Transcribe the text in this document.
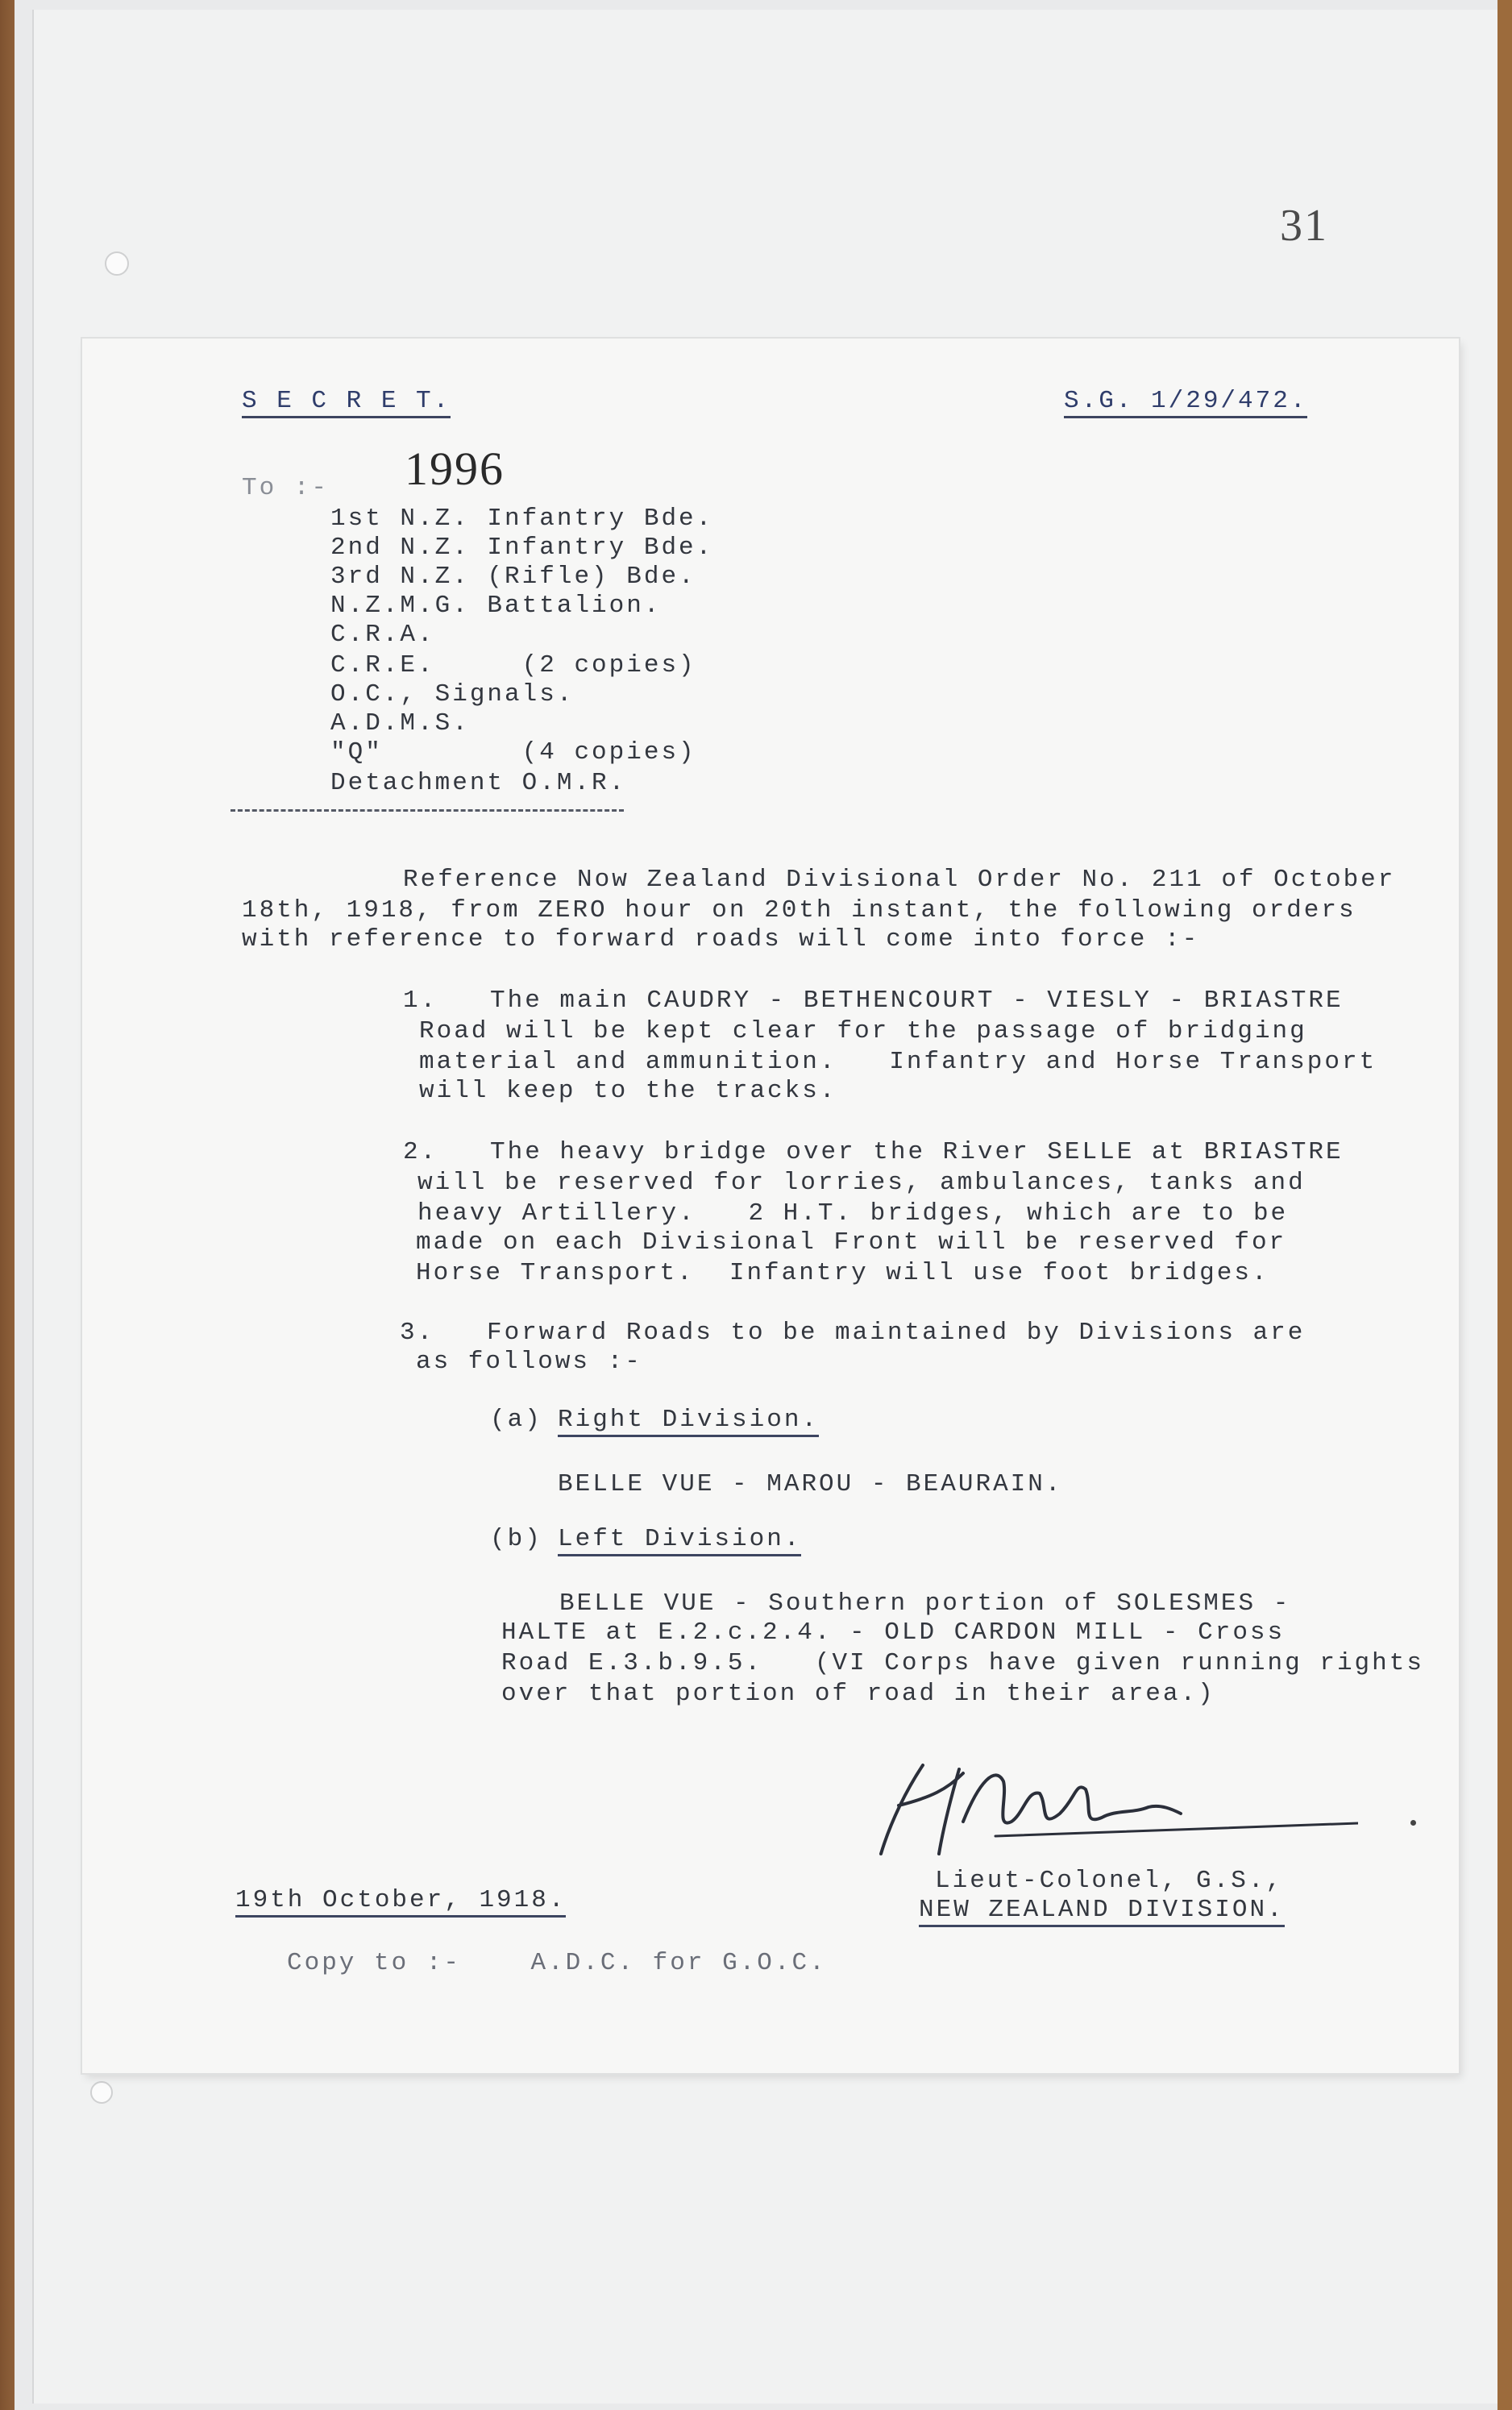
31

S E C R E T.	S.G. 1/29/472.

1996

To :-

1st N.Z. Infantry Bde.

2nd N.Z. Infantry Bde.

3rd N.Z. (Rifle) Bde.

N.Z.M.G. Battalion.

C.R.A.

C.R.E.     (2 copies)

O.C., Signals.

A.D.M.S.

"Q"        (4 copies)

Detachment O.M.R.

Reference Now Zealand Divisional Order No. 211 of October

18th, 1918, from ZERO hour on 20th instant, the following orders

with reference to forward roads will come into force :-

1. The main CAUDRY - BETHENCOURT - VIESLY - BRIASTRE

Road will be kept clear for the passage of bridging

material and ammunition.   Infantry and Horse Transport

will keep to the tracks.

2. The heavy bridge over the River SELLE at BRIASTRE

will be reserved for lorries, ambulances, tanks and

heavy Artillery.   2 H.T. bridges, which are to be

made on each Divisional Front will be reserved for

Horse Transport.  Infantry will use foot bridges.

3. Forward Roads to be maintained by Divisions are

as follows :-

(a) Right Division.

BELLE VUE - MAROU - BEAURAIN.

(b) Left Division.

BELLE VUE - Southern portion of SOLESMES -

HALTE at E.2.c.2.4. - OLD CARDON MILL - Cross

Road E.3.b.9.5.   (VI Corps have given running rights

over that portion of road in their area.)

19th October, 1918.

Lieut-Colonel, G.S.,

NEW ZEALAND DIVISION.

Copy to :-    A.D.C. for G.O.C.
